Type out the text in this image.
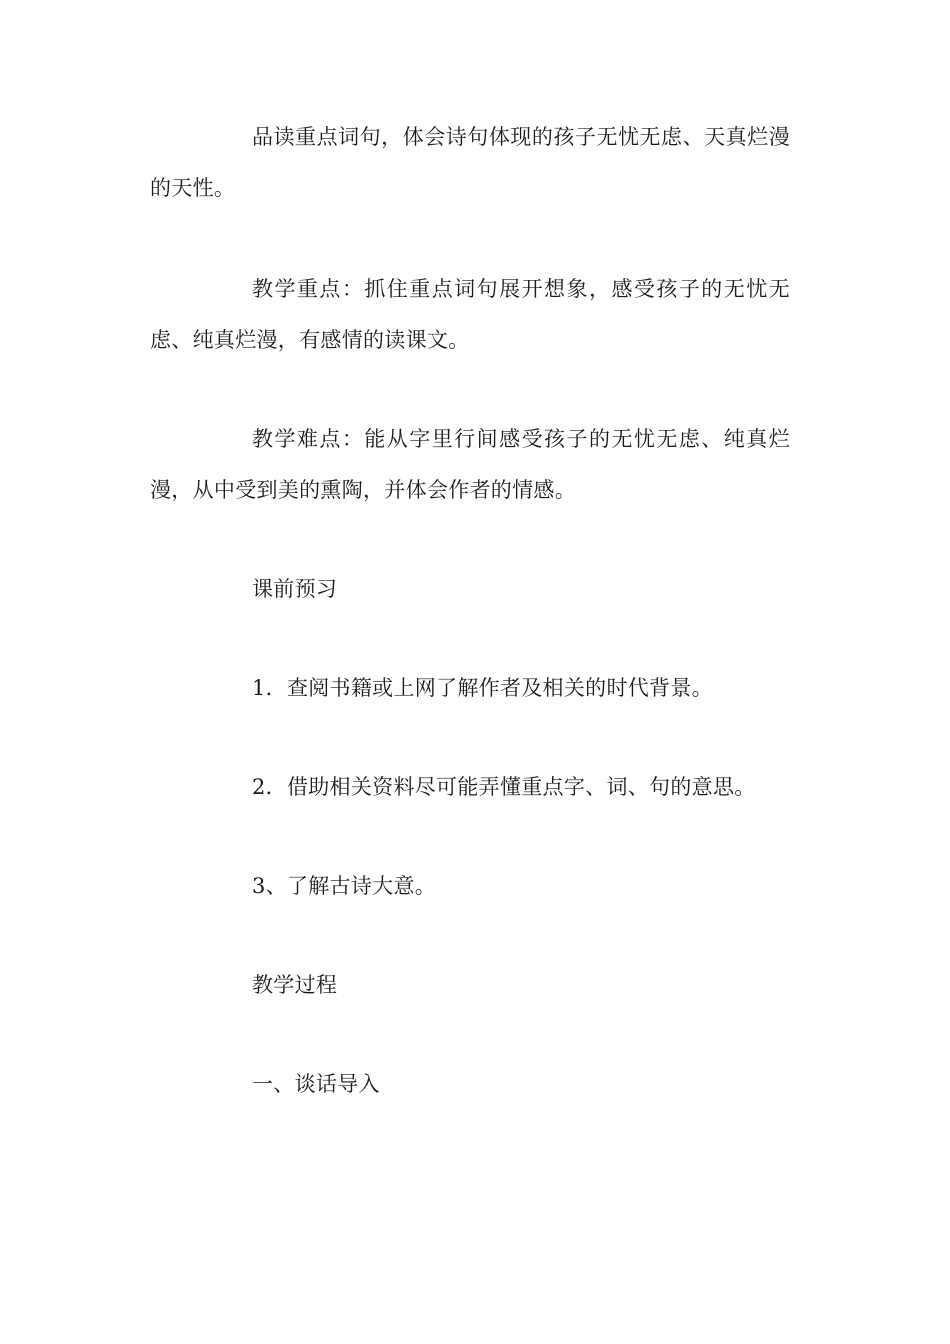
品读重点词句，体会诗句体现的孩子无忧无虑、天真烂漫的天性。

教学重点：抓住重点词句展开想象，感受孩子的无忧无虑、纯真烂漫，有感情的读课文。

教学难点：能从字里行间感受孩子的无忧无虑、纯真烂漫，从中受到美的熏陶，并体会作者的情感。

课前预习

1．查阅书籍或上网了解作者及相关的时代背景。

2．借助相关资料尽可能弄懂重点字、词、句的意思。

3、了解古诗大意。

教学过程

一、谈话导入
